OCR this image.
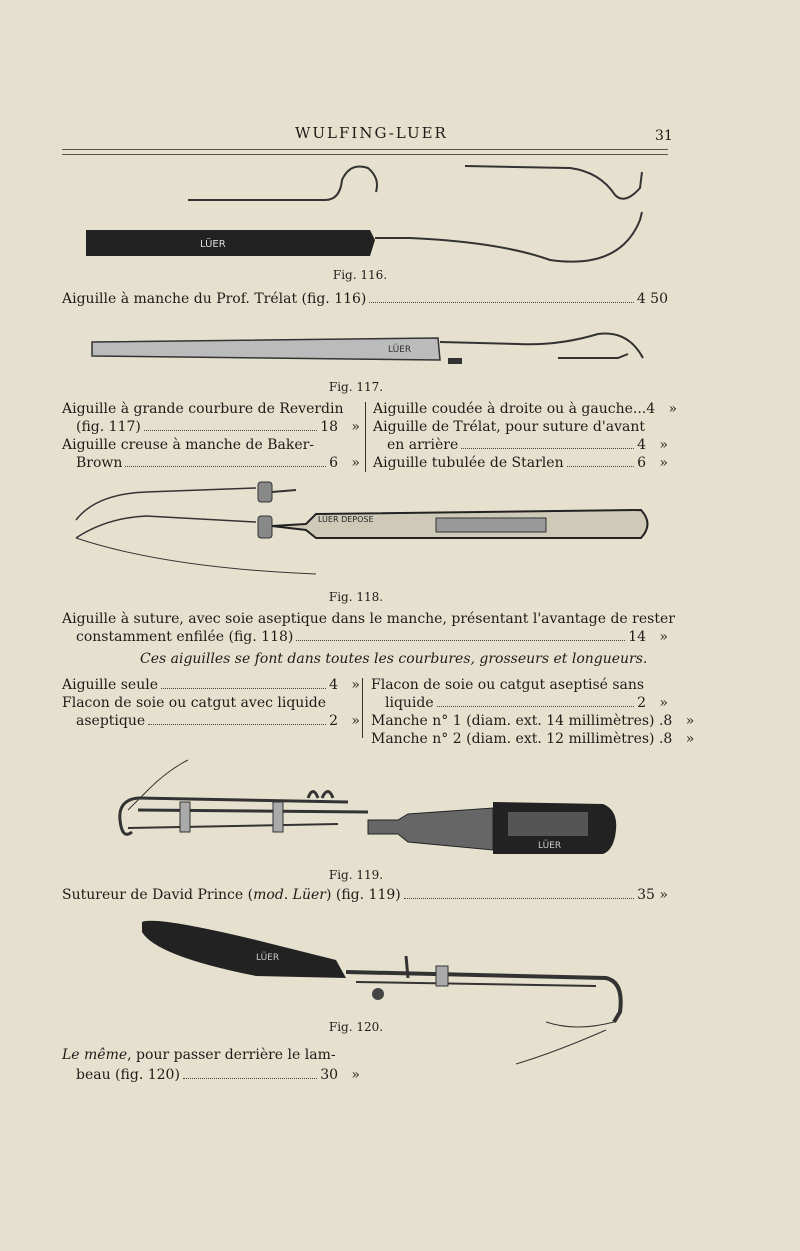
WULFING-LUER	31
LÜER
Fig. 116.
Aiguille à manche du Prof. Trélat (fig. 116)	4 50
LÜER
Fig. 117.
Aiguille à grande courbure de Reverdin
(fig. 117)	18
»
Aiguille creuse à manche de Baker-
Brown	6
»
Aiguille coudée à droite ou à gauche... 4
»
Aiguille de Trélat, pour suture d'avant
en arrière	4
»
Aiguille tubulée de Starlen	6
»
LÜER DEPOSE
Fig. 118.
Aiguille à suture, avec soie aseptique dans le manche, présentant l'avantage de rester
constamment enfilée (fig. 118)	14 »
Ces aiguilles se font dans toutes les courbures, grosseurs et longueurs.
Aiguille seule	4
»
Flacon de soie ou catgut avec liquide
aseptique	2
»
Flacon de soie ou catgut aseptisé sans
liquide	2
»
Manche n° 1 (diam. ext. 14 millimètres) . 8
»
Manche n° 2 (diam. ext. 12 millimètres) . 8
»
LÜER
Fig. 119.
Sutureur de David Prince (mod. Lüer) (fig. 119)	35 »
LÜER
Fig. 120.
Le même, pour passer derrière le lam-
beau (fig. 120)	30 »
